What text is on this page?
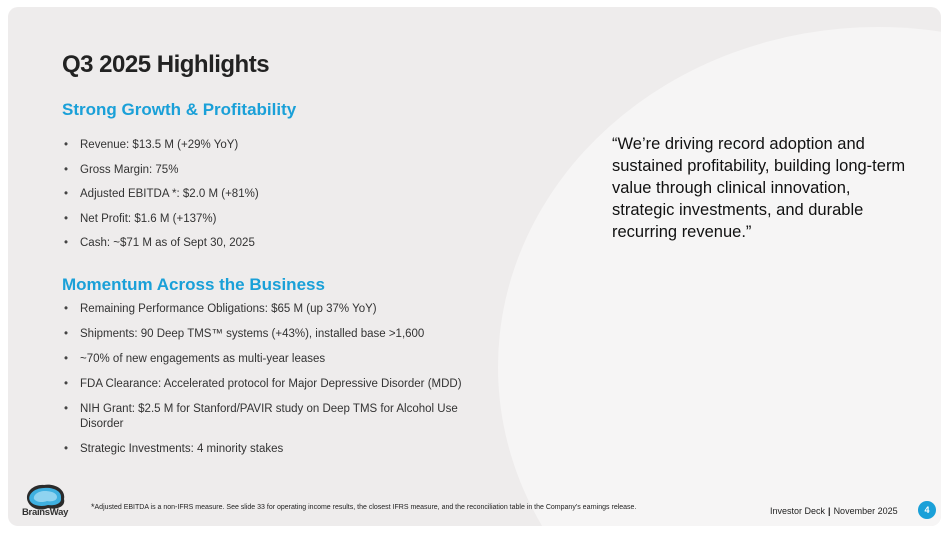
Q3 2025 Highlights
Strong Growth & Profitability
• Revenue: $13.5 M (+29% YoY)
• Gross Margin: 75%
• Adjusted EBITDA *: $2.0 M (+81%)
• Net Profit: $1.6 M (+137%)
• Cash: ~$71 M as of Sept 30, 2025
Momentum Across the Business
• Remaining Performance Obligations: $65 M (up 37% YoY)
• Shipments: 90 Deep TMS™ systems (+43%), installed base >1,600
• ~70% of new engagements as multi-year leases
• FDA Clearance: Accelerated protocol for Major Depressive Disorder (MDD)
• NIH Grant: $2.5 M for Stanford/PAVIR study on Deep TMS for Alcohol Use Disorder
• Strategic Investments: 4 minority stakes

“We’re driving record adoption and sustained profitability, building long-term value through clinical innovation, strategic investments, and durable recurring revenue.”

BrainsWay	*Adjusted EBITDA is a non-IFRS measure. See slide 33 for operating income results, the closest IFRS measure, and the reconciliation table in the Company’s earnings release.	Investor Deck | November 2025	4
